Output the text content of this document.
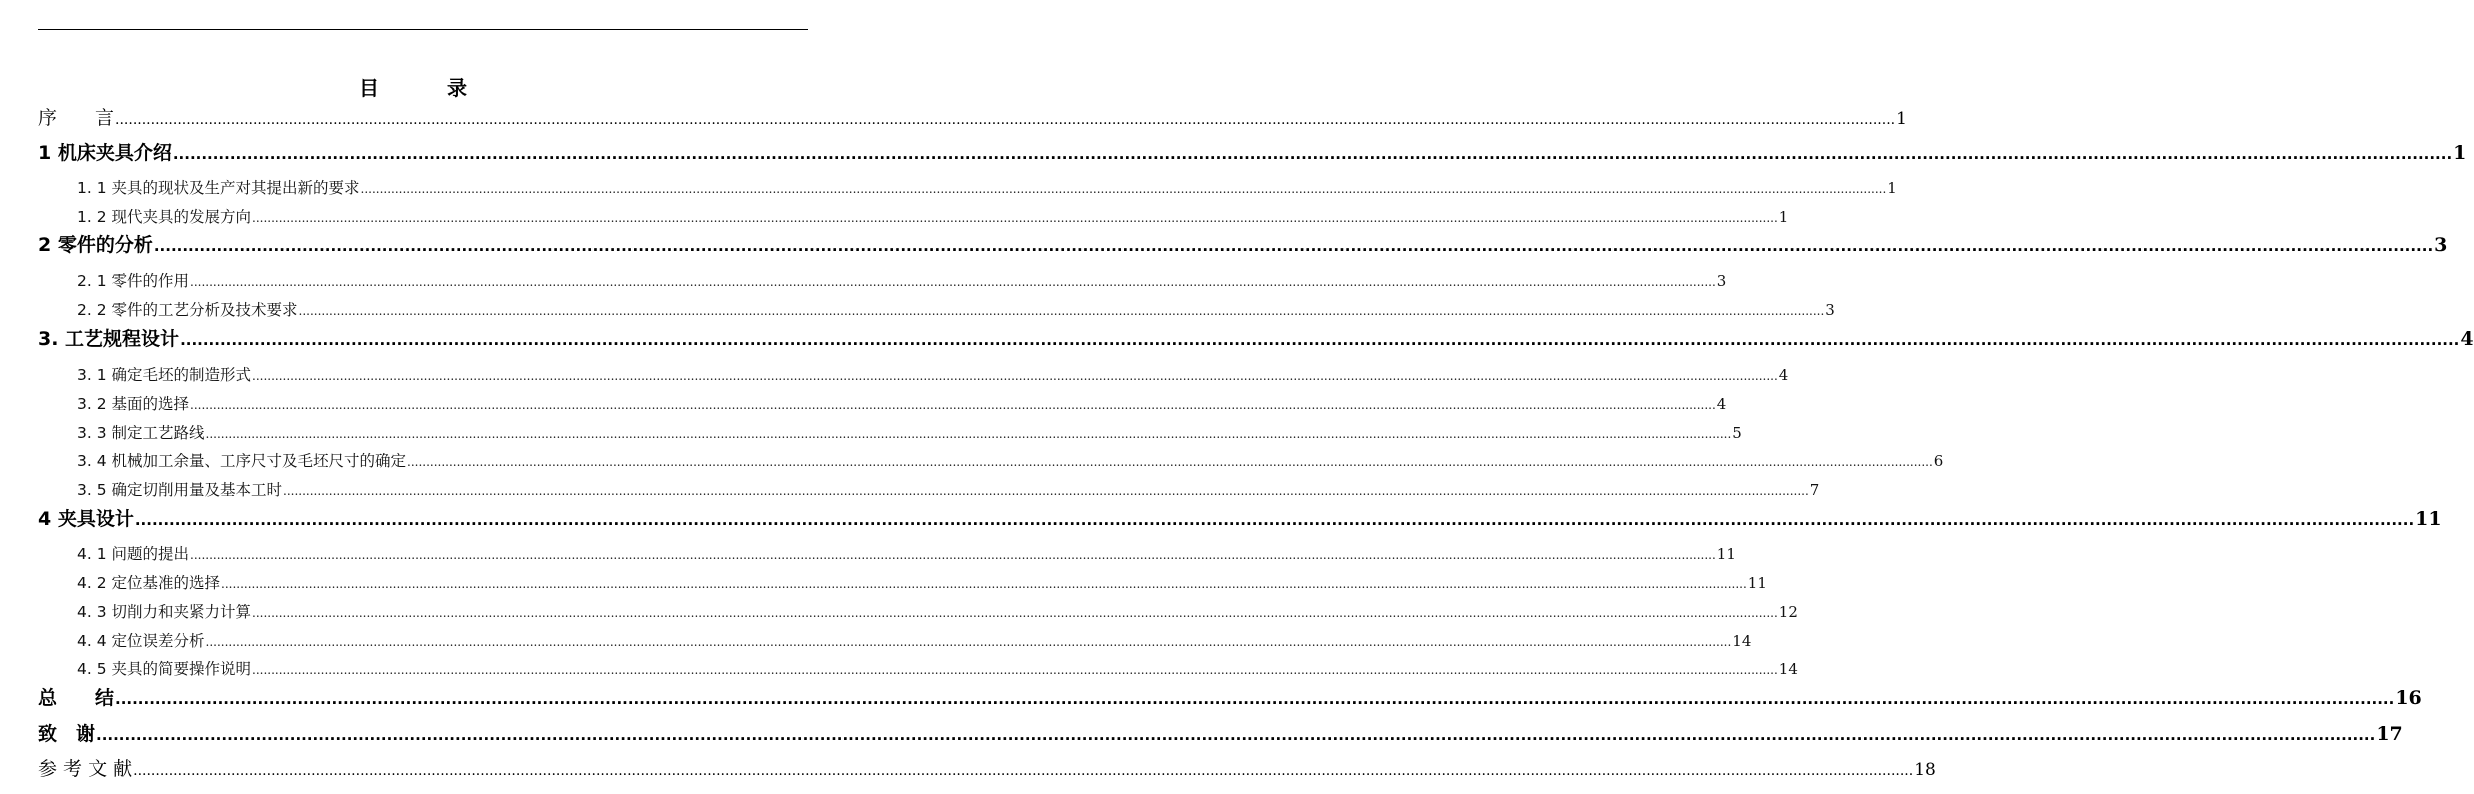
目　录
序　　言 ................................................................................................................................................................................................................................................................................................................................................................................................................ 1
1 机床夹具介绍 ................................................................................................................................................................................................................................................................................................................................................................................................................ 1
1. 1 夹具的现状及生产对其提出新的要求 ................................................................................................................................................................................................................................................................................................................................................................................................................ 1
1. 2 现代夹具的发展方向 ................................................................................................................................................................................................................................................................................................................................................................................................................ 1
2 零件的分析 ................................................................................................................................................................................................................................................................................................................................................................................................................ 3
2. 1 零件的作用 ................................................................................................................................................................................................................................................................................................................................................................................................................ 3
2. 2 零件的工艺分析及技术要求 ................................................................................................................................................................................................................................................................................................................................................................................................................ 3
3. 工艺规程设计 ................................................................................................................................................................................................................................................................................................................................................................................................................ 4
3. 1 确定毛坯的制造形式 ................................................................................................................................................................................................................................................................................................................................................................................................................ 4
3. 2 基面的选择 ................................................................................................................................................................................................................................................................................................................................................................................................................ 4
3. 3 制定工艺路线 ................................................................................................................................................................................................................................................................................................................................................................................................................ 5
3. 4 机械加工余量、工序尺寸及毛坯尺寸的确定 ................................................................................................................................................................................................................................................................................................................................................................................................................ 6
3. 5 确定切削用量及基本工时 ................................................................................................................................................................................................................................................................................................................................................................................................................ 7
4 夹具设计 ................................................................................................................................................................................................................................................................................................................................................................................................................ 11
4. 1 问题的提出 ................................................................................................................................................................................................................................................................................................................................................................................................................ 11
4. 2 定位基准的选择 ................................................................................................................................................................................................................................................................................................................................................................................................................ 11
4. 3 切削力和夹紧力计算 ................................................................................................................................................................................................................................................................................................................................................................................................................ 12
4. 4 定位误差分析 ................................................................................................................................................................................................................................................................................................................................................................................................................ 14
4. 5 夹具的简要操作说明 ................................................................................................................................................................................................................................................................................................................................................................................................................ 14
总　　结 ................................................................................................................................................................................................................................................................................................................................................................................................................ 16
致　谢 ................................................................................................................................................................................................................................................................................................................................................................................................................ 17
参 考 文 献 ................................................................................................................................................................................................................................................................................................................................................................................................................ 18
